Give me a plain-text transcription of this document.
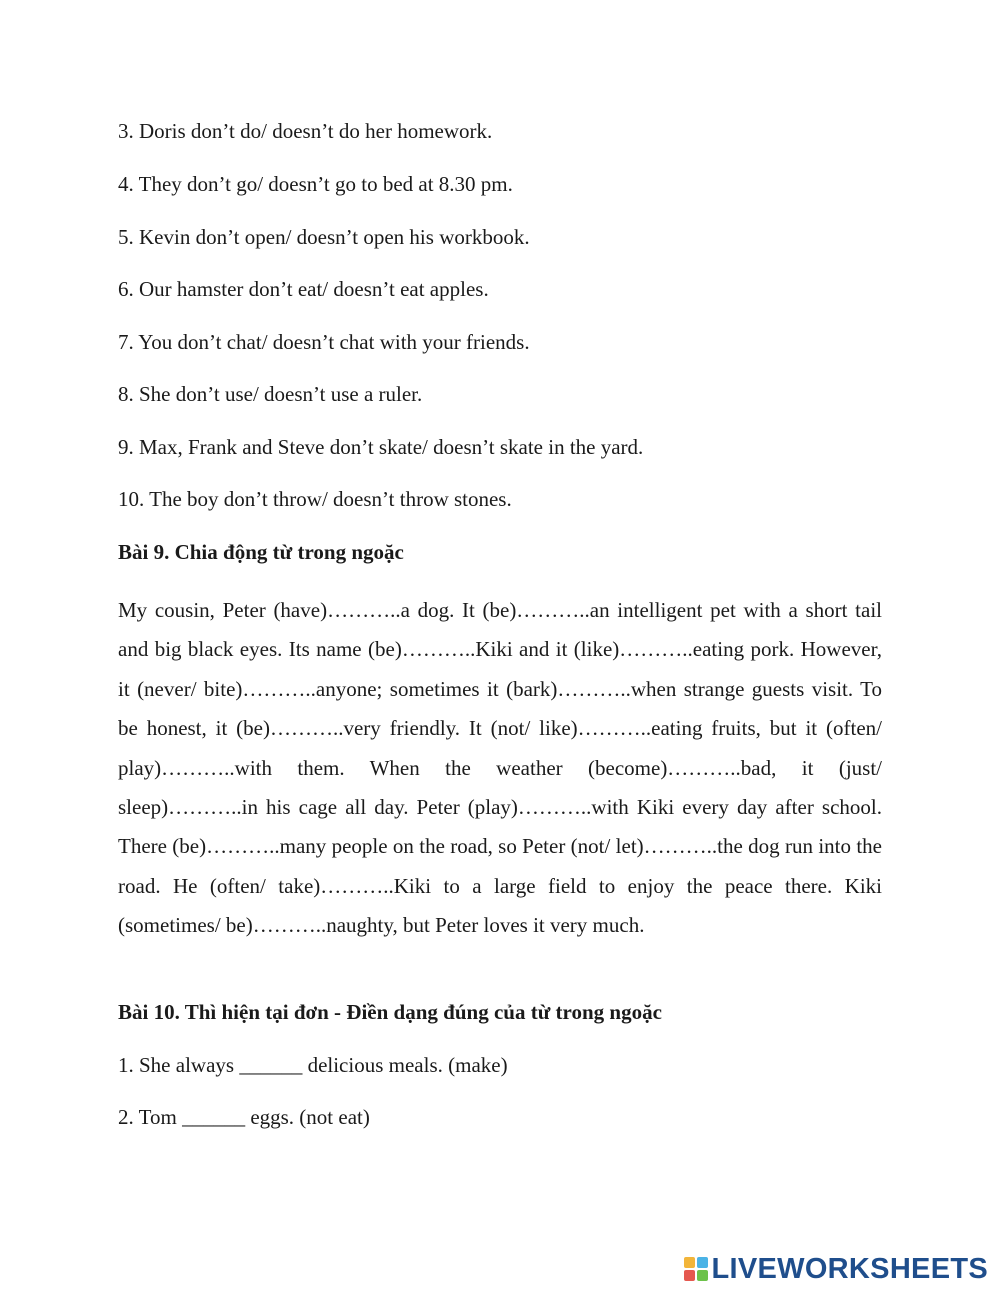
3. Doris don’t do/ doesn’t do her homework.
4. They don’t go/ doesn’t go to bed at 8.30 pm.
5. Kevin don’t open/ doesn’t open his workbook.
6. Our hamster don’t eat/ doesn’t eat apples.
7. You don’t chat/ doesn’t chat with your friends.
8. She don’t use/ doesn’t use a ruler.
9. Max, Frank and Steve don’t skate/ doesn’t skate in the yard.
10. The boy don’t throw/ doesn’t throw stones.
Bài 9. Chia động từ trong ngoặc
My cousin, Peter (have)………..a dog. It (be)………..an intelligent pet with a short tail and big black eyes. Its name (be)………..Kiki and it (like)………..eating pork. However, it (never/ bite)………..anyone; sometimes it (bark)………..when strange guests visit. To be honest, it (be)………..very friendly. It (not/ like)………..eating fruits, but it (often/ play)………..with them. When the weather (become)………..bad, it (just/ sleep)………..in his cage all day. Peter (play)………..with Kiki every day after school. There (be)………..many people on the road, so Peter (not/ let)………..the dog run into the road. He (often/ take)………..Kiki to a large field to enjoy the peace there. Kiki (sometimes/ be)………..naughty, but Peter loves it very much.
Bài 10. Thì hiện tại đơn - Điền dạng đúng của từ trong ngoặc
1. She always ______ delicious meals. (make)
2. Tom ______ eggs. (not eat)
LIVEWORKSHEETS
